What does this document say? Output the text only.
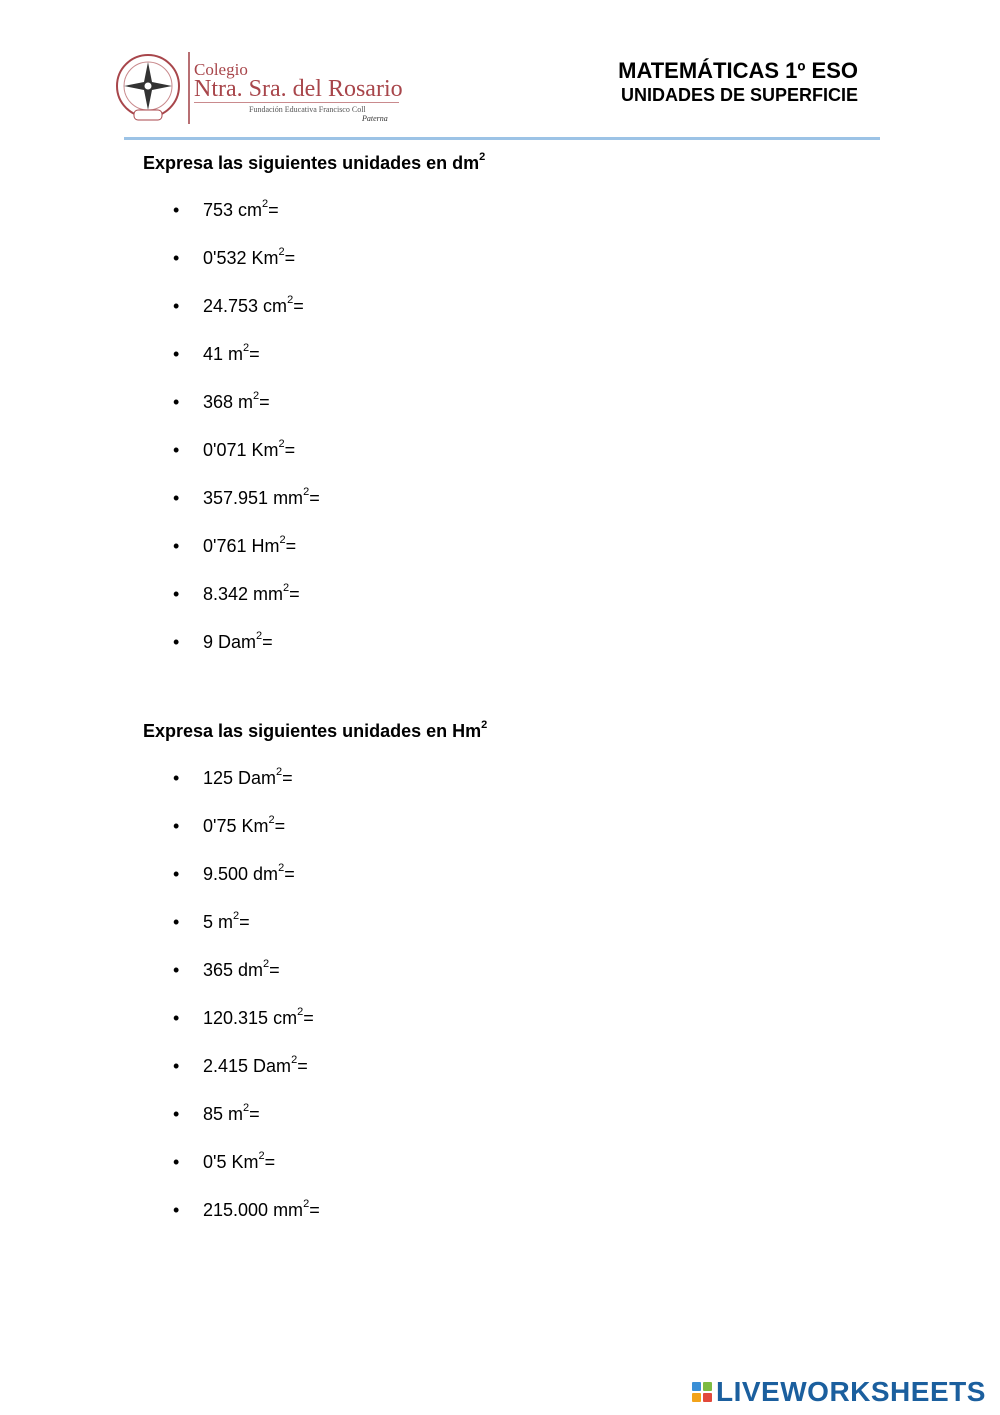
Colegio
Ntra. Sra. del Rosario
Fundación Educativa Francisco Coll
Paterna
MATEMÁTICAS 1º ESO
UNIDADES DE SUPERFICIE

Expresa las siguientes unidades en $dm^2$

• 753 $cm^2=$
• 0'532 $Km^2=$
• 24.753 $cm^2=$
• 41 $m^2=$
• 368 $m^2=$
• 0'071 $Km^2=$
• 357.951 $mm^2=$
• 0'761 $Hm^2=$
• 8.342 $mm^2=$
• 9 Dam$^2$=

Expresa las siguientes unidades en Hm$^2$

• 125 Dam$^2$=
• 0'75 $Km^2=$
• 9.500 $dm^2=$
• 5 $m^2=$
• 365 $dm^2=$
• 120.315 $cm^2=$
• 2.415 Dam$^2$=
• 85 $m^2=$
• 0'5 $Km^2=$
• 215.000 $mm^2=$
LIVEWORKSHEETS
